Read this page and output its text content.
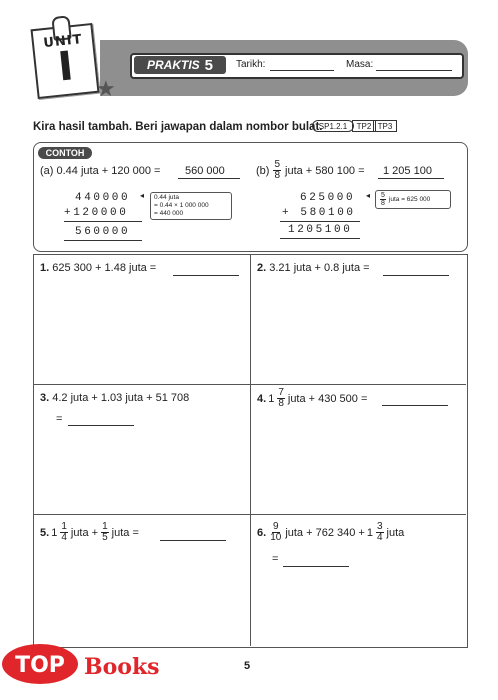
UNIT
I ★
PRAKTIS 5 Tarikh:	Masa:
Kira hasil tambah. Beri jawapan dalam nombor bulat.
SP1.2.1	TP2 TP3
CONTOH
(a) 0.44 juta + 120 000 = 560 000
440000
+120000
560000
◂ 0.44 juta
= 0.44 × 1 000 000
= 440 000
$(b) \frac{5}{8}$ juta + 580 100 = 1 205 100
625000
+ 580100
1205100
◂ $\frac{5}{8}$ juta = 625 000
1. 625 300 + 1.48 juta =	2. 3.21 juta + 0.8 juta =
3. 4.2 juta + 1.03 juta + 51 708
=
4. $1 \frac{7}{8}$ juta + 430 500 =
5. $1 \frac{1}{4}$ juta + $\frac{1}{5}$ juta =	6. $\frac{9}{10}$ juta + 762 $340 + 1 \frac{3}{4}$ juta
=
5
TOP Books
